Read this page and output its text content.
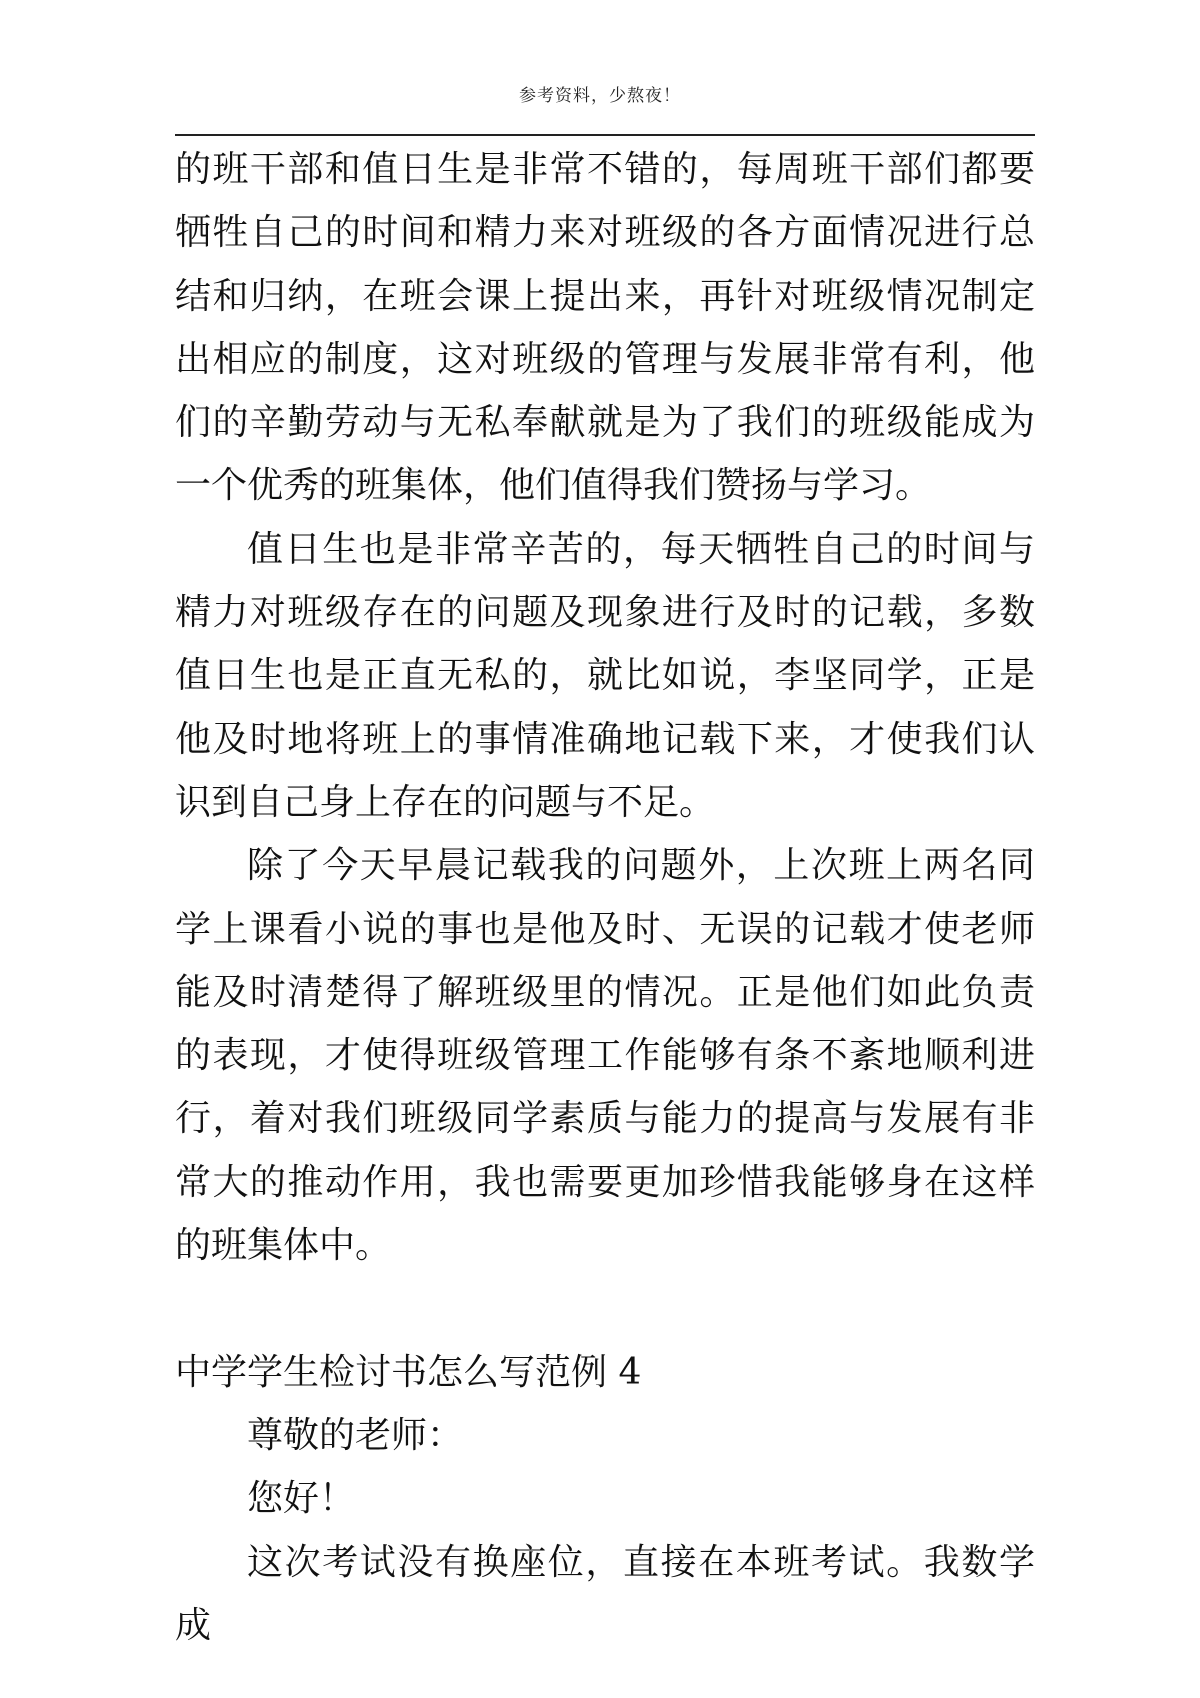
参考资料，少熬夜！

的班干部和值日生是非常不错的，每周班干部们都要牺牲自己的时间和精力来对班级的各方面情况进行总结和归纳，在班会课上提出来，再针对班级情况制定出相应的制度，这对班级的管理与发展非常有利，他们的辛勤劳动与无私奉献就是为了我们的班级能成为一个优秀的班集体，他们值得我们赞扬与学习。

值日生也是非常辛苦的，每天牺牲自己的时间与精力对班级存在的问题及现象进行及时的记载，多数值日生也是正直无私的，就比如说，李坚同学，正是他及时地将班上的事情准确地记载下来，才使我们认识到自己身上存在的问题与不足。

除了今天早晨记载我的问题外，上次班上两名同学上课看小说的事也是他及时、无误的记载才使老师能及时清楚得了解班级里的情况。正是他们如此负责的表现，才使得班级管理工作能够有条不紊地顺利进行，着对我们班级同学素质与能力的提高与发展有非常大的推动作用，我也需要更加珍惜我能够身在这样的班集体中。

中学学生检讨书怎么写范例 4

尊敬的老师：

您好！

这次考试没有换座位，直接在本班考试。我数学成
